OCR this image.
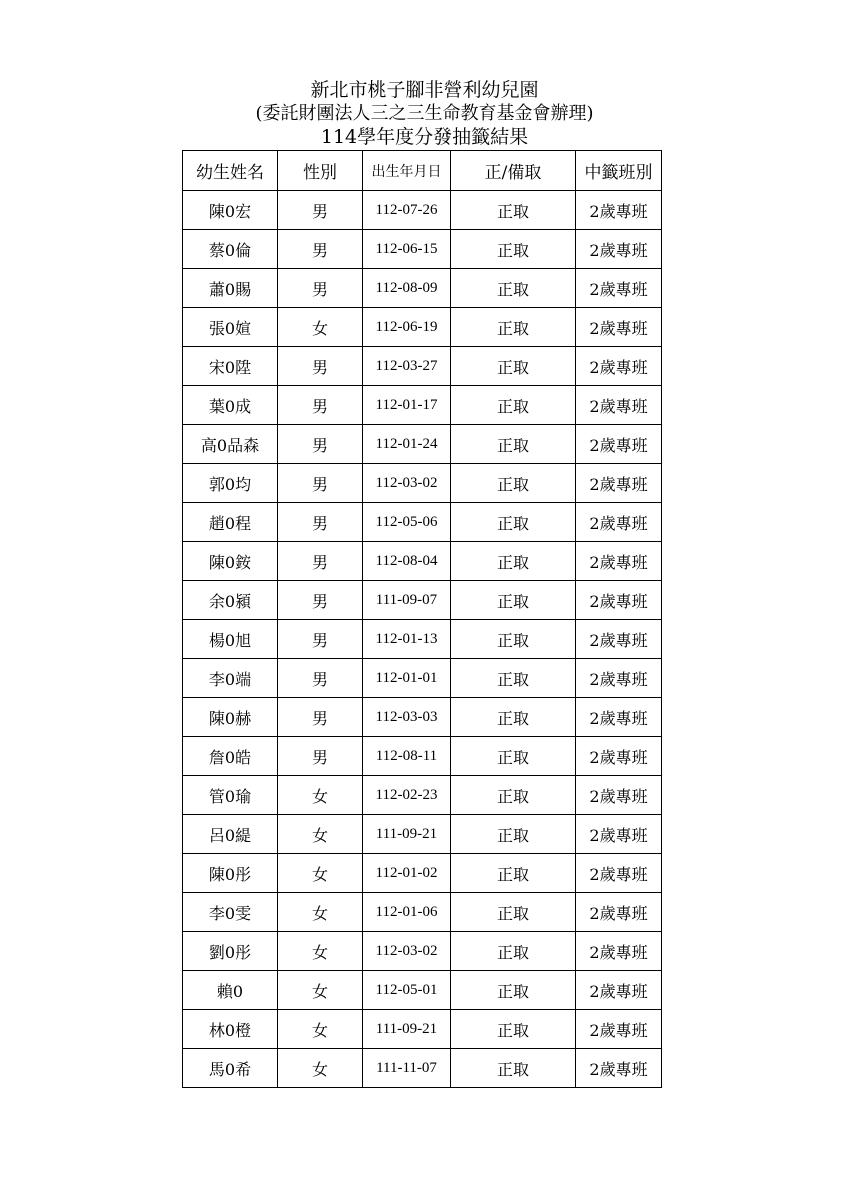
新北市桃子腳非營利幼兒園
(委託財團法人三之三生命教育基金會辦理)
114學年度分發抽籤結果
幼生姓名	性別	出生年月日	正/備取	中籤班別
陳0宏	男	112-07-26	正取	2歲專班
蔡0倫	男	112-06-15	正取	2歲專班
蕭0賜	男	112-08-09	正取	2歲專班
張0媗	女	112-06-19	正取	2歲專班
宋0陞	男	112-03-27	正取	2歲專班
葉0成	男	112-01-17	正取	2歲專班
高0品森	男	112-01-24	正取	2歲專班
郭0均	男	112-03-02	正取	2歲專班
趙0程	男	112-05-06	正取	2歲專班
陳0銨	男	112-08-04	正取	2歲專班
余0潁	男	111-09-07	正取	2歲專班
楊0旭	男	112-01-13	正取	2歲專班
李0端	男	112-01-01	正取	2歲專班
陳0赫	男	112-03-03	正取	2歲專班
詹0皓	男	112-08-11	正取	2歲專班
管0瑜	女	112-02-23	正取	2歲專班
呂0緹	女	111-09-21	正取	2歲專班
陳0彤	女	112-01-02	正取	2歲專班
李0雯	女	112-01-06	正取	2歲專班
劉0彤	女	112-03-02	正取	2歲專班
賴0	女	112-05-01	正取	2歲專班
林0橙	女	111-09-21	正取	2歲專班
馬0希	女	111-11-07	正取	2歲專班
